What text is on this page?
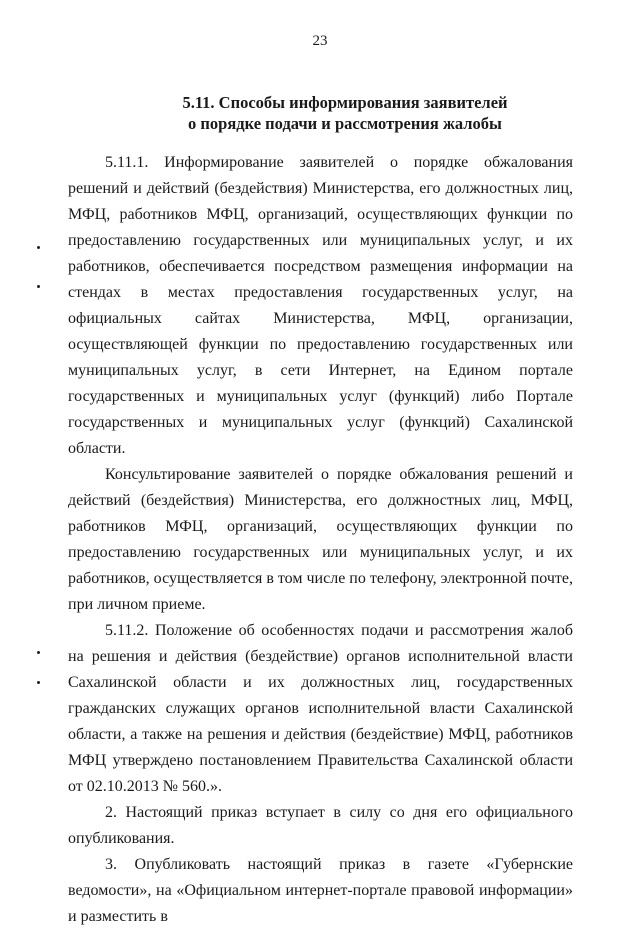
23
5.11. Способы информирования заявителей
о порядке подачи и рассмотрения жалобы

5.11.1. Информирование заявителей о порядке обжалования решений и действий (бездействия) Министерства, его должностных лиц, МФЦ, работников МФЦ, организаций, осуществляющих функции по предоставлению государственных или муниципальных услуг, и их работников, обеспечивается посредством размещения информации на стендах в местах предоставления государственных услуг, на официальных сайтах Министерства, МФЦ, организации, осуществляющей функции по предоставлению государственных или муниципальных услуг, в сети Интернет, на Едином портале государственных и муниципальных услуг (функций) либо Портале государственных и муниципальных услуг (функций) Сахалинской области.

Консультирование заявителей о порядке обжалования решений и действий (бездействия) Министерства, его должностных лиц, МФЦ, работников МФЦ, организаций, осуществляющих функции по предоставлению государственных или муниципальных услуг, и их работников, осуществляется в том числе по телефону, электронной почте, при личном приеме.

5.11.2. Положение об особенностях подачи и рассмотрения жалоб на решения и действия (бездействие) органов исполнительной власти Сахалинской области и их должностных лиц, государственных гражданских служащих органов исполнительной власти Сахалинской области, а также на решения и действия (бездействие) МФЦ, работников МФЦ утверждено постановлением Правительства Сахалинской области от 02.10.2013 № 560.».

2. Настоящий приказ вступает в силу со дня его официального опубликования.

3. Опубликовать настоящий приказ в газете «Губернские ведомости», на «Официальном интернет-портале правовой информации» и разместить в
